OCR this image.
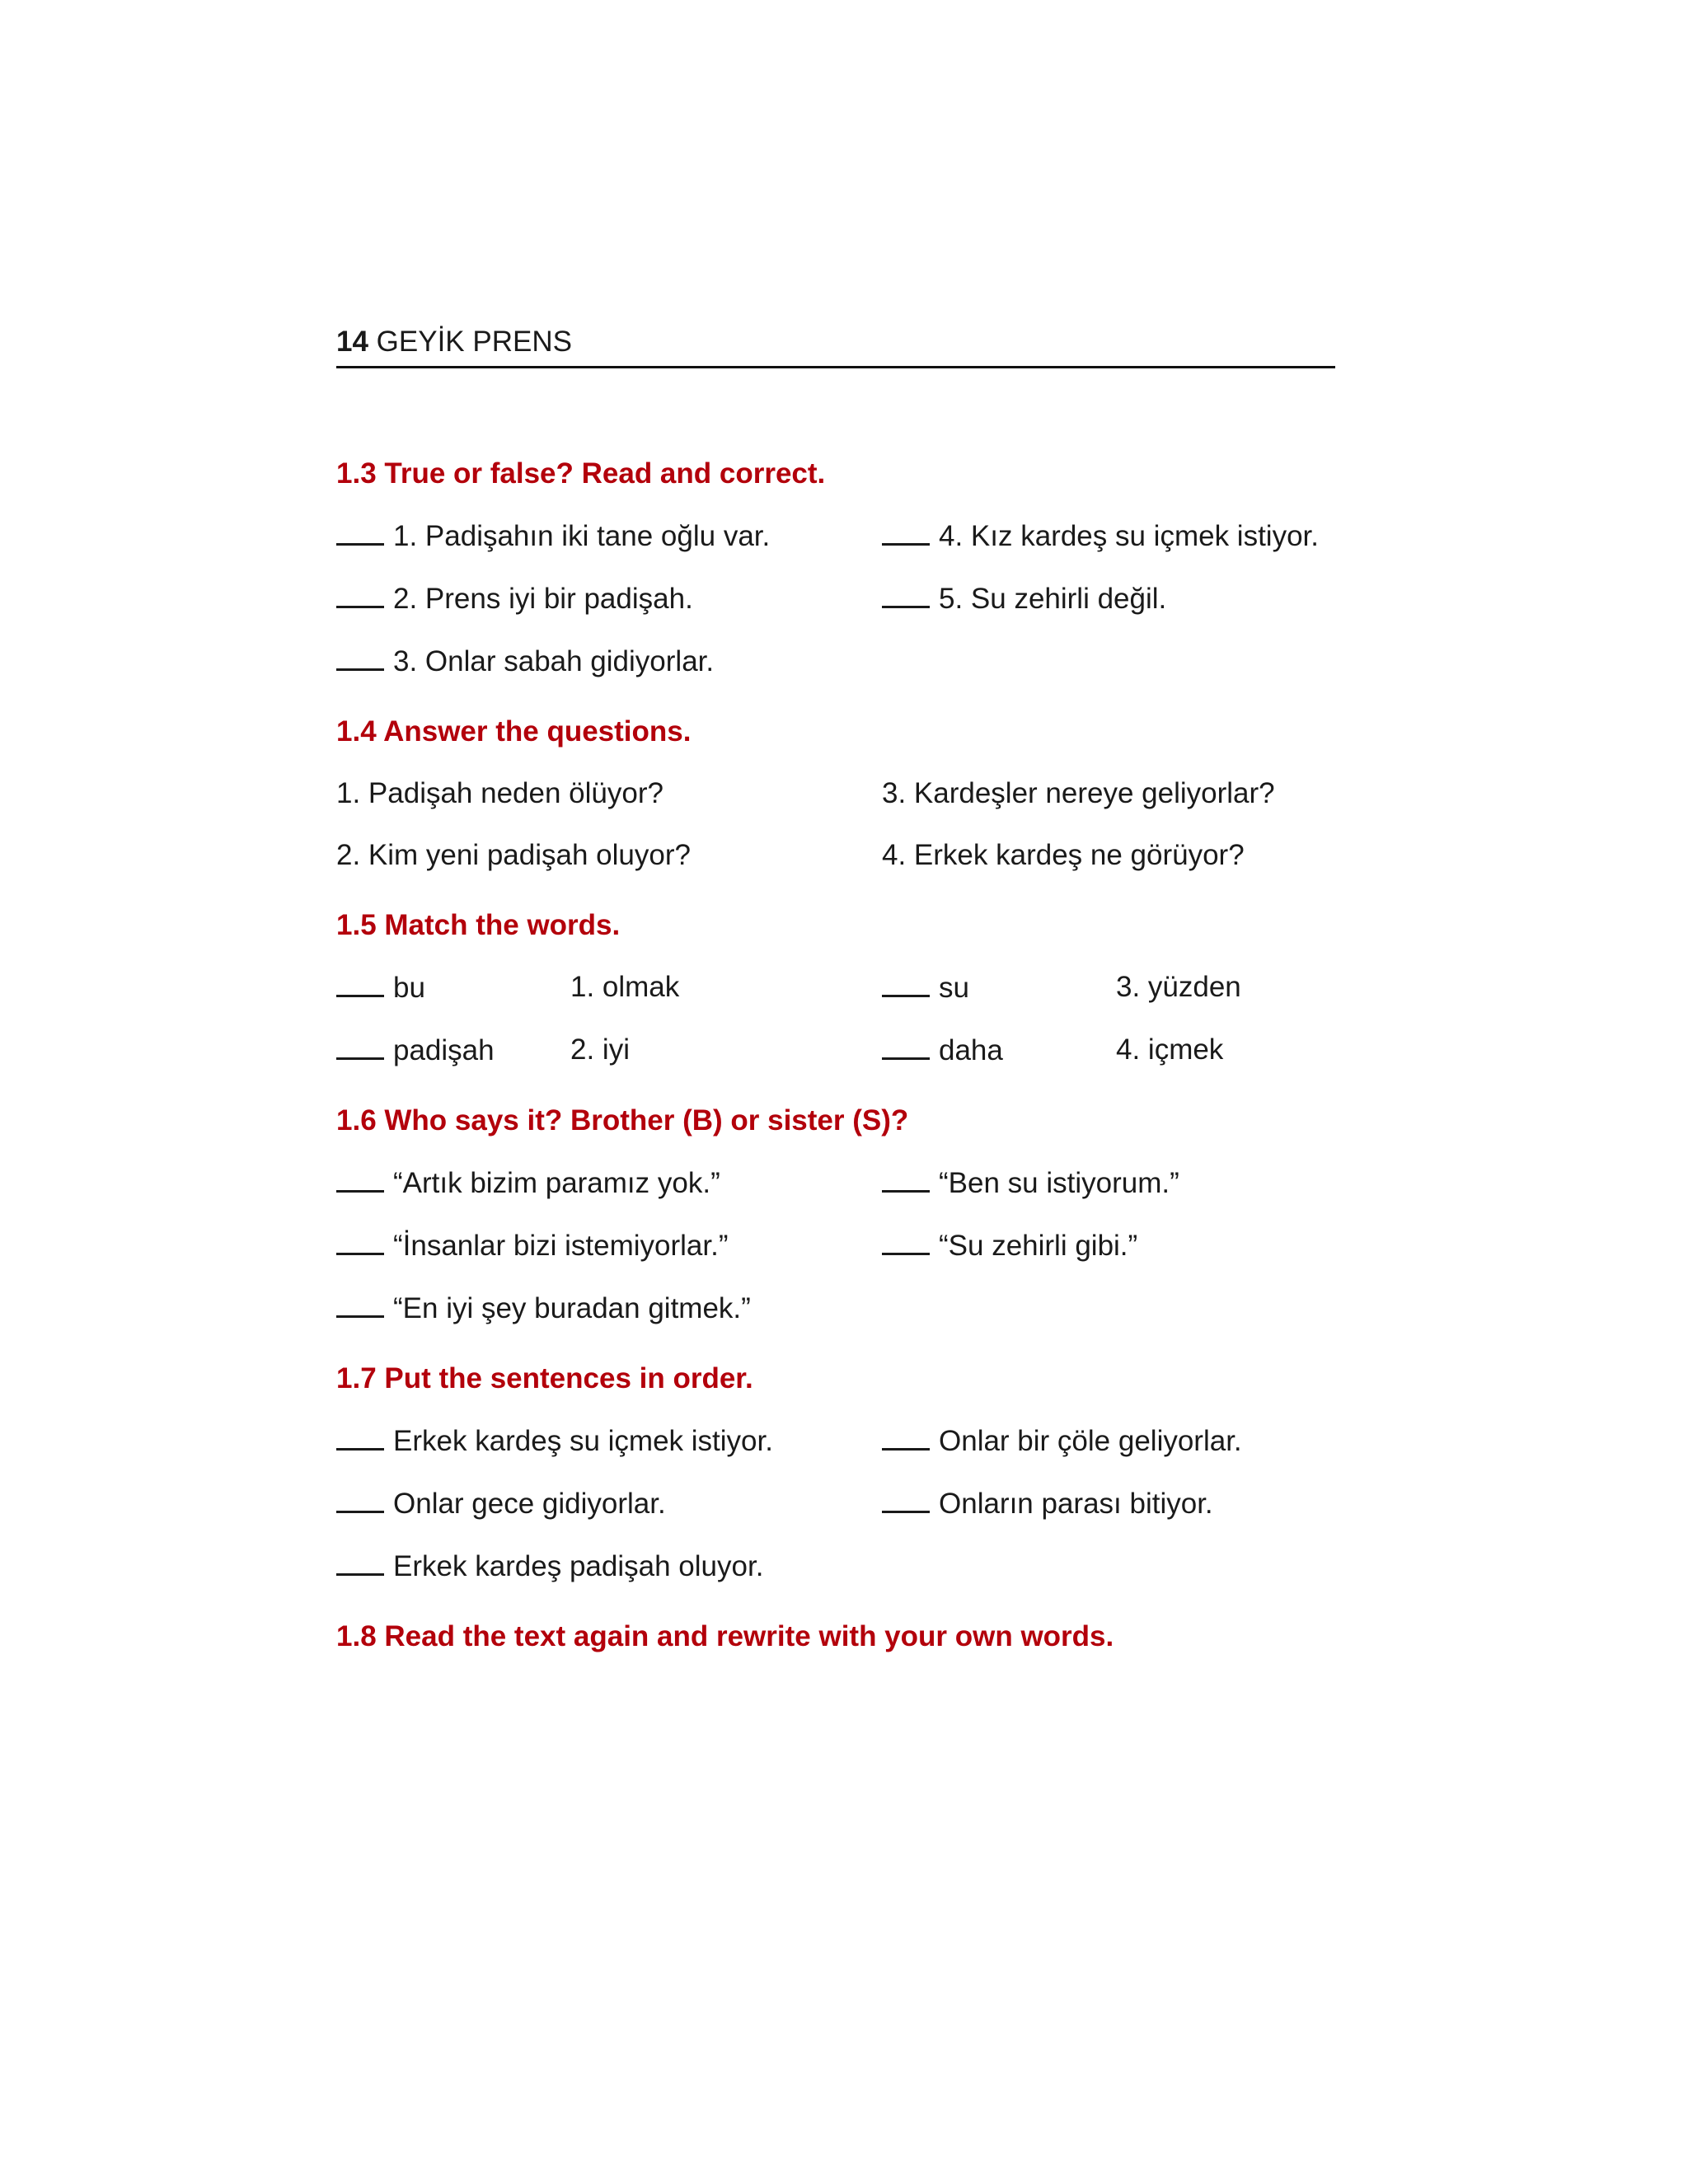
14 GEYİK PRENS
1.3 True or false? Read and correct.
1. Padişahın iki tane oğlu var.	4. Kız kardeş su içmek istiyor.
2. Prens iyi bir padişah.	5. Su zehirli değil.
3. Onlar sabah gidiyorlar.
1.4 Answer the questions.
1. Padişah neden ölüyor?	3. Kardeşler nereye geliyorlar?
2. Kim yeni padişah oluyor?	4. Erkek kardeş ne görüyor?
1.5 Match the words.
bu	1. olmak	su	3. yüzden
padişah	2. iyi	daha	4. içmek
1.6 Who says it? Brother (B) or sister (S)?
“Artık bizim paramız yok.”	“Ben su istiyorum.”
“İnsanlar bizi istemiyorlar.”	“Su zehirli gibi.”
“En iyi şey buradan gitmek.”
1.7 Put the sentences in order.
Erkek kardeş su içmek istiyor.	Onlar bir çöle geliyorlar.
Onlar gece gidiyorlar.	Onların parası bitiyor.
Erkek kardeş padişah oluyor.
1.8 Read the text again and rewrite with your own words.
